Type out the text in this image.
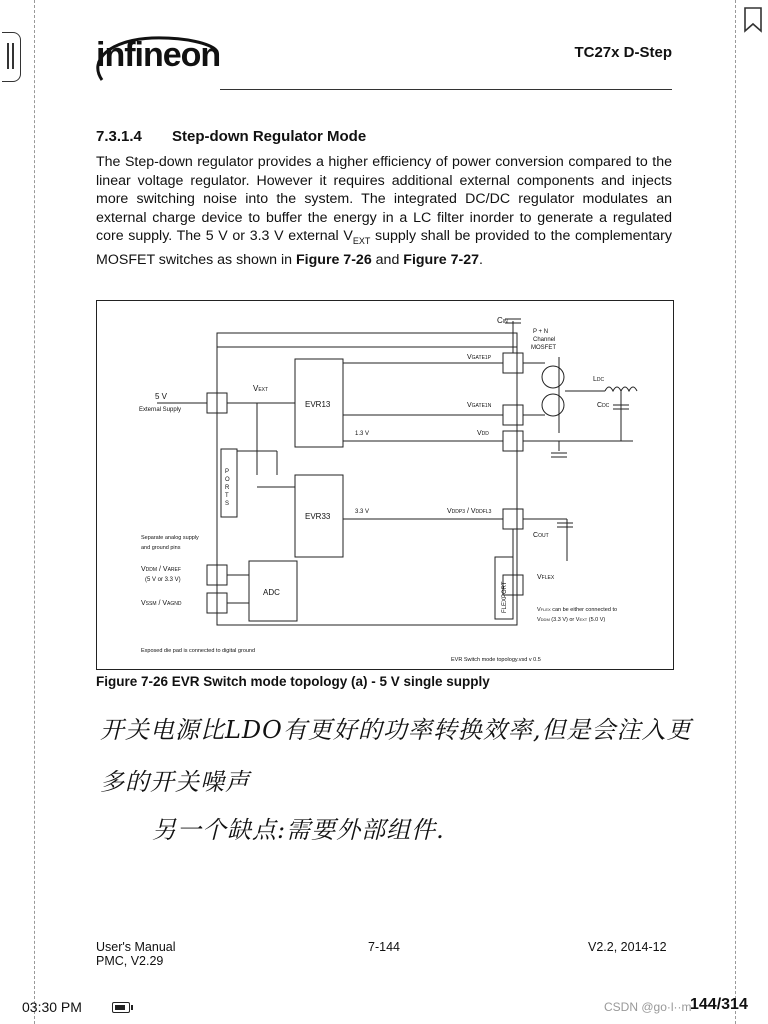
infineon	TC27x D-Step
7.3.1.4 Step-down Regulator Mode
The Step-down regulator provides a higher efficiency of power conversion compared to the linear voltage regulator. However it requires additional external components and injects more switching noise into the system. The integrated DC/DC regulator modulates an external charge device to buffer the energy in a LC filter inorder to generate a regulated core supply. The 5 V or 3.3 V external $V_{EXT}$ supply shall be provided to the complementary MOSFET switches as shown in Figure 7-26 and Figure 7-27.
5 V
External Supply
VEXT
EVR13
EVR33
P
O
R
T
S
1.3 V
3.3 V
ADC
CIN
P + N
Channel
MOSFET
VGATE1P
VGATE1N
VDD
LDC
CDC
VDDP3 / VDDFL3
COUT
VFLEX
FLEXPORT
Separate analog supply
and ground pins
VDDM / VAREF
(5 V or 3.3 V)
VSSM / VAGND
VFLEX can be either connected to
VDDM (3.3 V) or VEXT (5.0 V)
Exposed die pad is connected to digital ground
EVR Switch mode topology.vsd v 0.5
Figure 7-26 EVR Switch mode topology (a) - 5 V single supply
开关电源比LDO有更好的功率转换效率,但是会注入更
多的开关噪声
另一个缺点:需要外部组件.
User's Manual
PMC, V2.29
7-144	V2.2, 2014-12
03:30 PM	CSDN @go·l··m
144/314
